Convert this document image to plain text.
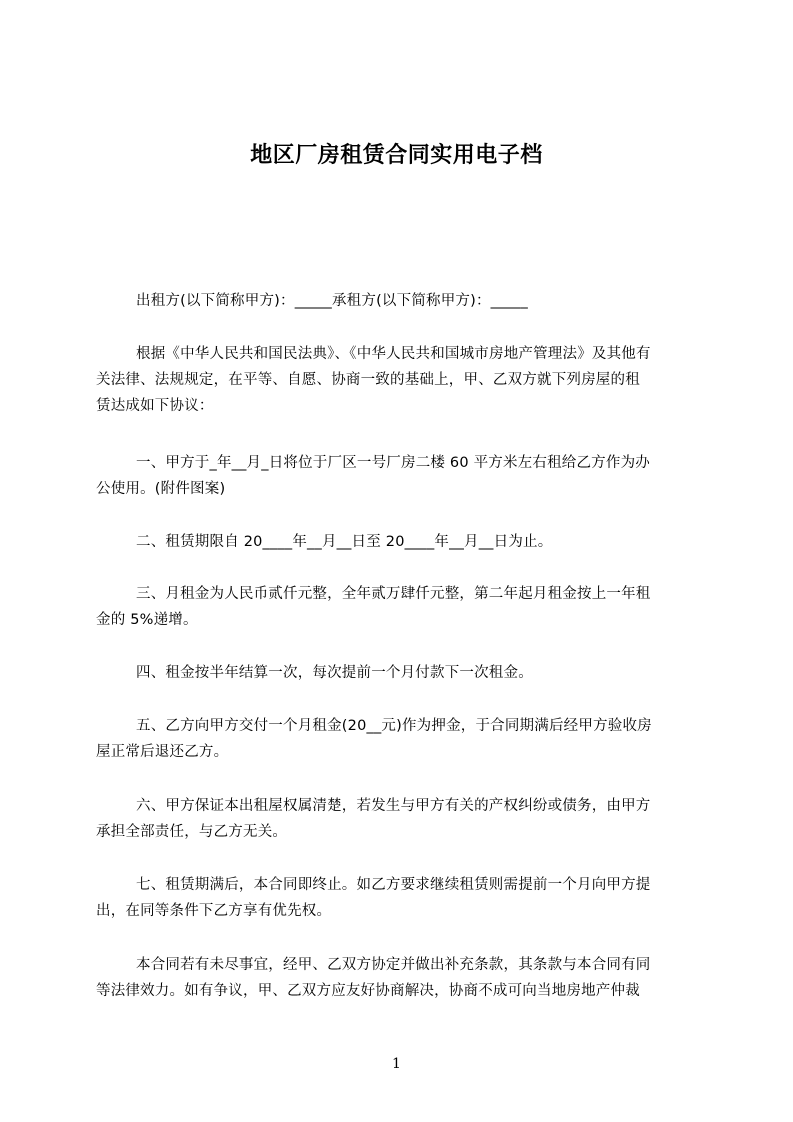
地区厂房租赁合同实用电子档

出租方(以下简称甲方)：_____承租方(以下简称甲方)：_____

根据《中华人民共和国民法典》、《中华人民共和国城市房地产管理法》及其他有

关法律、法规规定，在平等、自愿、协商一致的基础上，甲、乙双方就下列房屋的租

赁达成如下协议：

一、甲方于_年__月_日将位于厂区一号厂房二楼 60 平方米左右租给乙方作为办

公使用。(附件图案)

二、租赁期限自 20____年__月__日至 20____年__月__日为止。

三、月租金为人民币贰仟元整，全年贰万肆仟元整，第二年起月租金按上一年租

金的 5%递增。

四、租金按半年结算一次，每次提前一个月付款下一次租金。

五、乙方向甲方交付一个月租金(20__元)作为押金，于合同期满后经甲方验收房

屋正常后退还乙方。

六、甲方保证本出租屋权属清楚，若发生与甲方有关的产权纠纷或债务，由甲方

承担全部责任，与乙方无关。

七、租赁期满后，本合同即终止。如乙方要求继续租赁则需提前一个月向甲方提

出，在同等条件下乙方享有优先权。

本合同若有未尽事宜，经甲、乙双方协定并做出补充条款，其条款与本合同有同

等法律效力。如有争议，甲、乙双方应友好协商解决，协商不成可向当地房地产仲裁

1
